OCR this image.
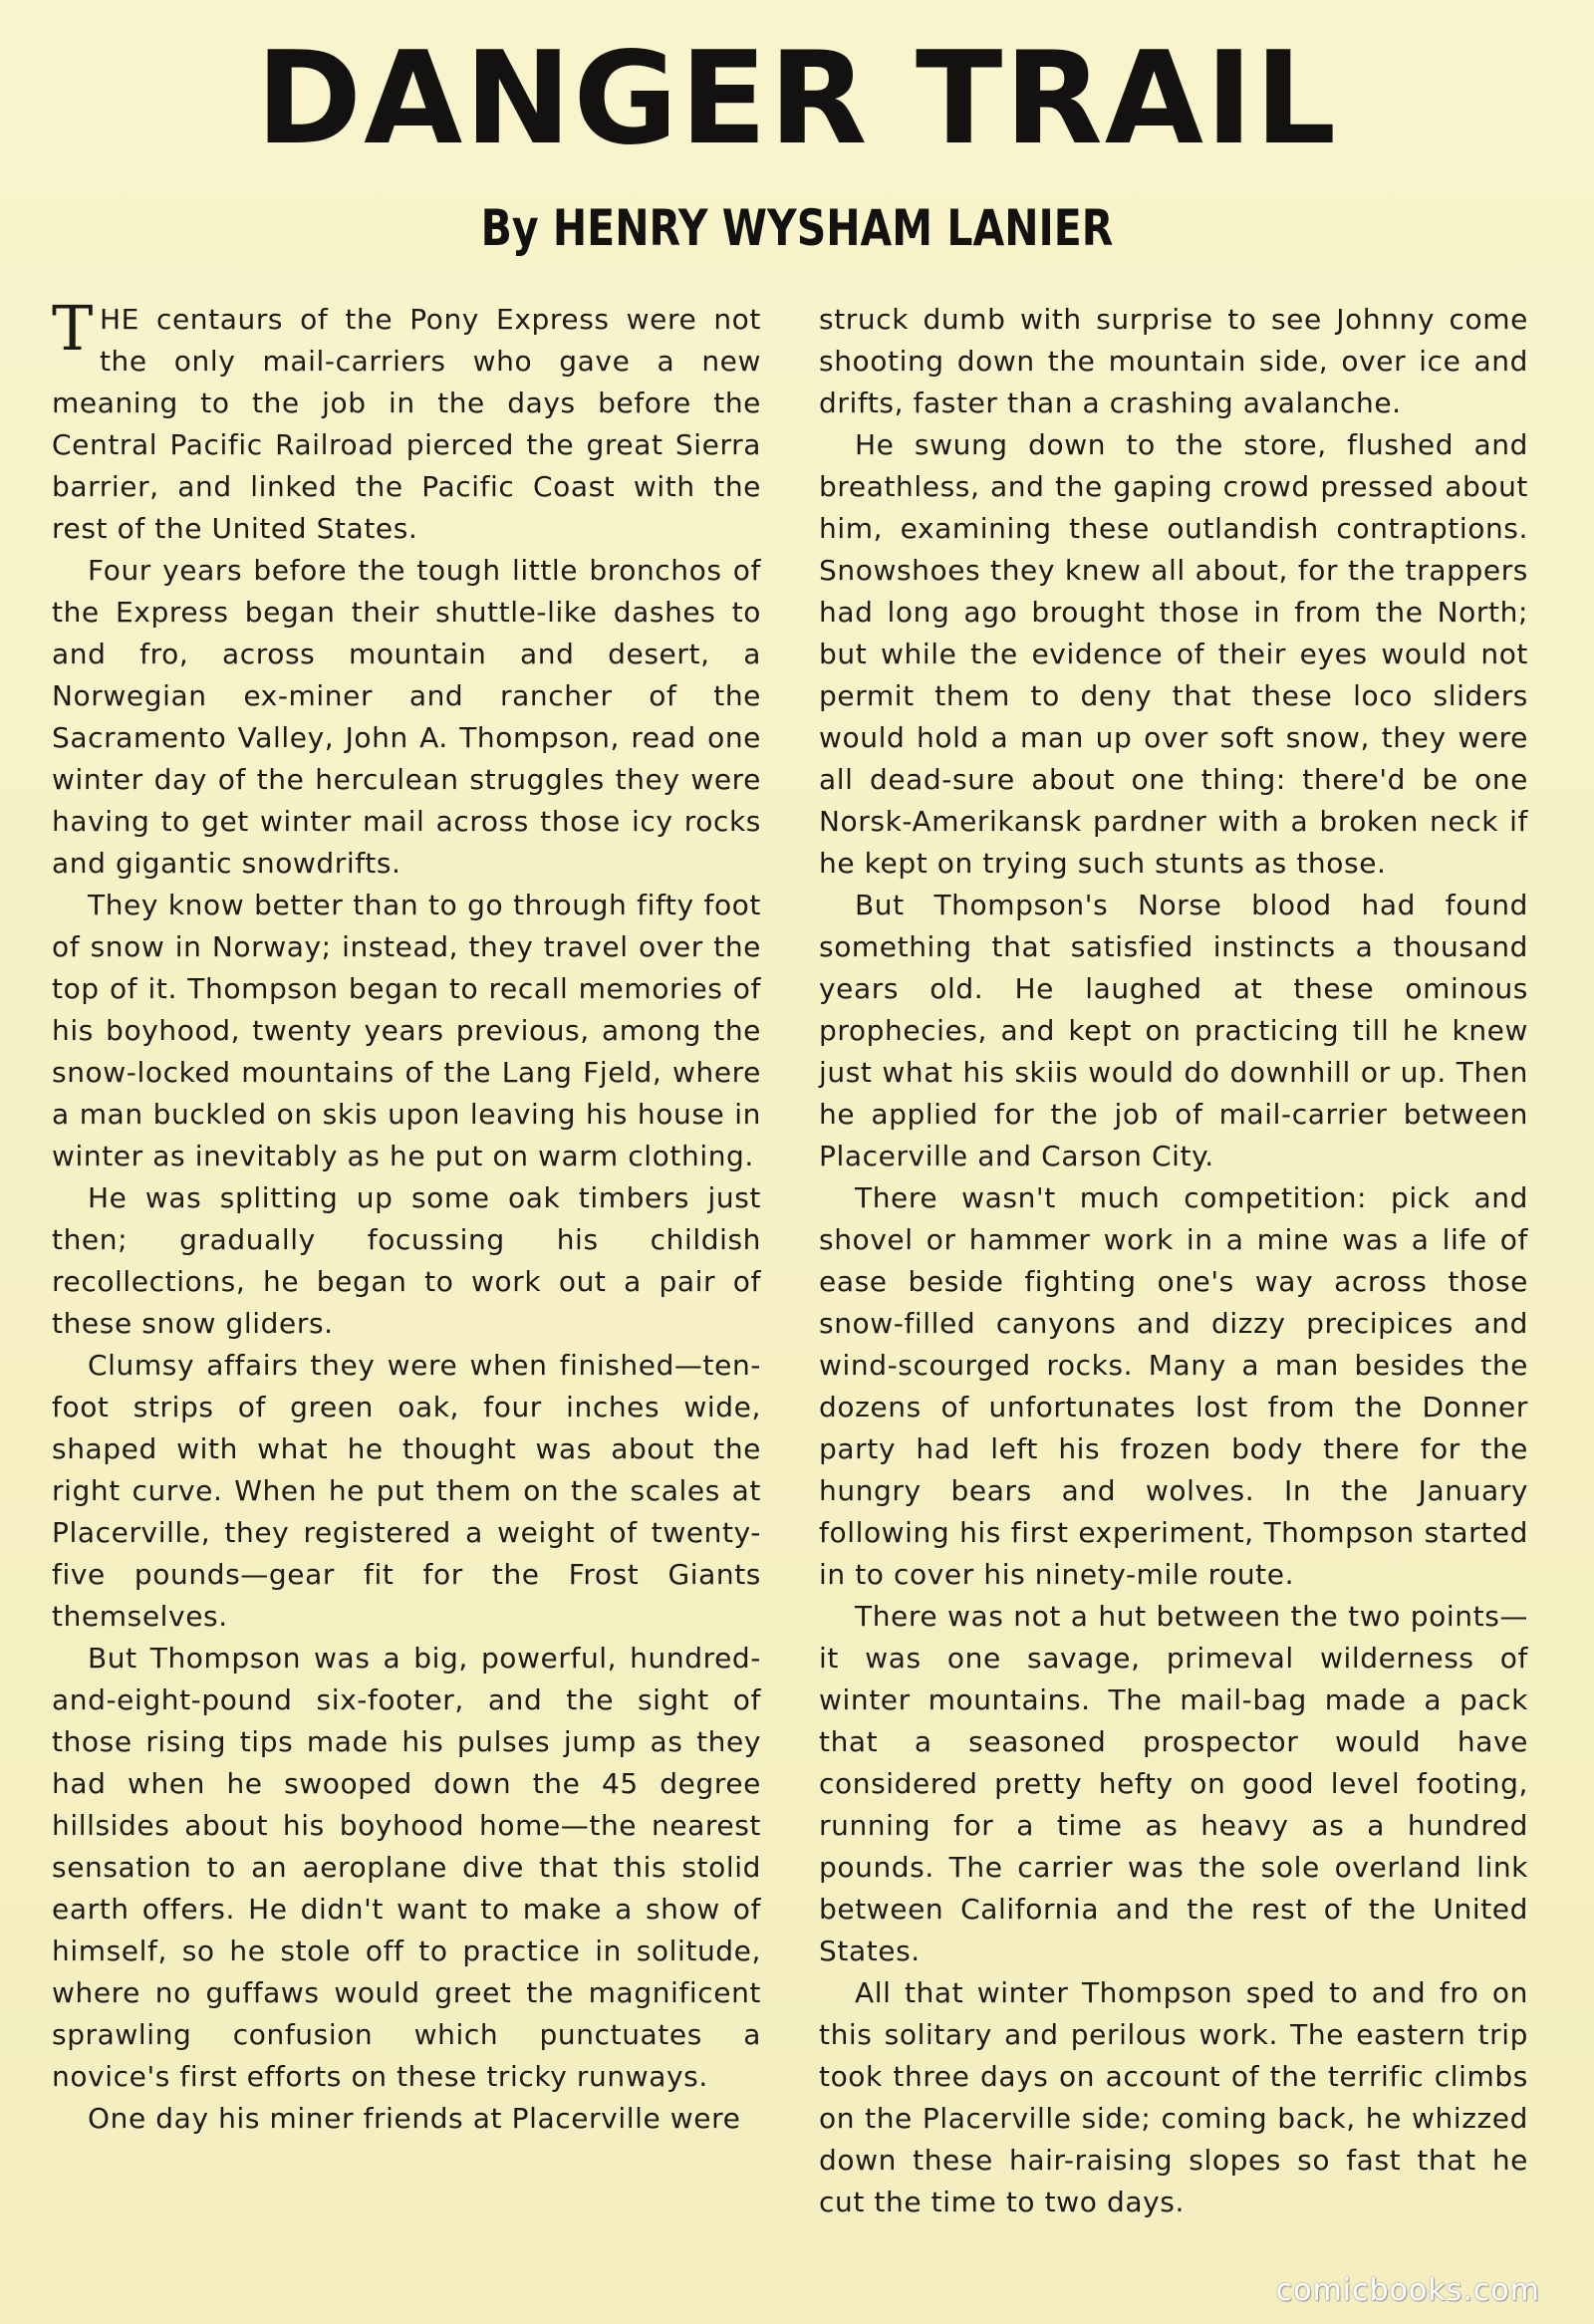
DANGER TRAIL
By HENRY WYSHAM LANIER

THE centaurs of the Pony Express were not the only mail-carriers who gave a new meaning to the job in the days before the Central Pacific Railroad pierced the great Sierra barrier, and linked the Pacific Coast with the rest of the United States.

Four years before the tough little bronchos of the Express began their shuttle-like dashes to and fro, across mountain and desert, a Norwegian ex-miner and rancher of the Sacramento Valley, John A. Thompson, read one winter day of the herculean struggles they were having to get winter mail across those icy rocks and gigantic snowdrifts.

They know better than to go through fifty foot of snow in Norway; instead, they travel over the top of it. Thompson began to recall memories of his boyhood, twenty years previous, among the snow-locked mountains of the Lang Fjeld, where a man buckled on skis upon leaving his house in winter as inevitably as he put on warm clothing.

He was splitting up some oak timbers just then; gradually focussing his childish recollections, he began to work out a pair of these snow gliders.

Clumsy affairs they were when finished—ten-foot strips of green oak, four inches wide, shaped with what he thought was about the right curve. When he put them on the scales at Placerville, they registered a weight of twenty-five pounds—gear fit for the Frost Giants themselves.

But Thompson was a big, powerful, hundred-and-eight-pound six-footer, and the sight of those rising tips made his pulses jump as they had when he swooped down the 45 degree hillsides about his boyhood home—the nearest sensation to an aeroplane dive that this stolid earth offers. He didn't want to make a show of himself, so he stole off to practice in solitude, where no guffaws would greet the magnificent sprawling confusion which punctuates a novice's first efforts on these tricky runways.

One day his miner friends at Placerville were

struck dumb with surprise to see Johnny come shooting down the mountain side, over ice and drifts, faster than a crashing avalanche.

He swung down to the store, flushed and breathless, and the gaping crowd pressed about him, examining these outlandish contraptions. Snowshoes they knew all about, for the trappers had long ago brought those in from the North; but while the evidence of their eyes would not permit them to deny that these loco sliders would hold a man up over soft snow, they were all dead-sure about one thing: there'd be one Norsk-Amerikansk pardner with a broken neck if he kept on trying such stunts as those.

But Thompson's Norse blood had found something that satisfied instincts a thousand years old. He laughed at these ominous prophecies, and kept on practicing till he knew just what his skiis would do downhill or up. Then he applied for the job of mail-carrier between Placerville and Carson City.

There wasn't much competition: pick and shovel or hammer work in a mine was a life of ease beside fighting one's way across those snow-filled canyons and dizzy precipices and wind-scourged rocks. Many a man besides the dozens of unfortunates lost from the Donner party had left his frozen body there for the hungry bears and wolves. In the January following his first experiment, Thompson started in to cover his ninety-mile route.

There was not a hut between the two points—it was one savage, primeval wilderness of winter mountains. The mail-bag made a pack that a seasoned prospector would have considered pretty hefty on good level footing, running for a time as heavy as a hundred pounds. The carrier was the sole overland link between California and the rest of the United States.

All that winter Thompson sped to and fro on this solitary and perilous work. The eastern trip took three days on account of the terrific climbs on the Placerville side; coming back, he whizzed down these hair-raising slopes so fast that he cut the time to two days.

comicbooks.com
